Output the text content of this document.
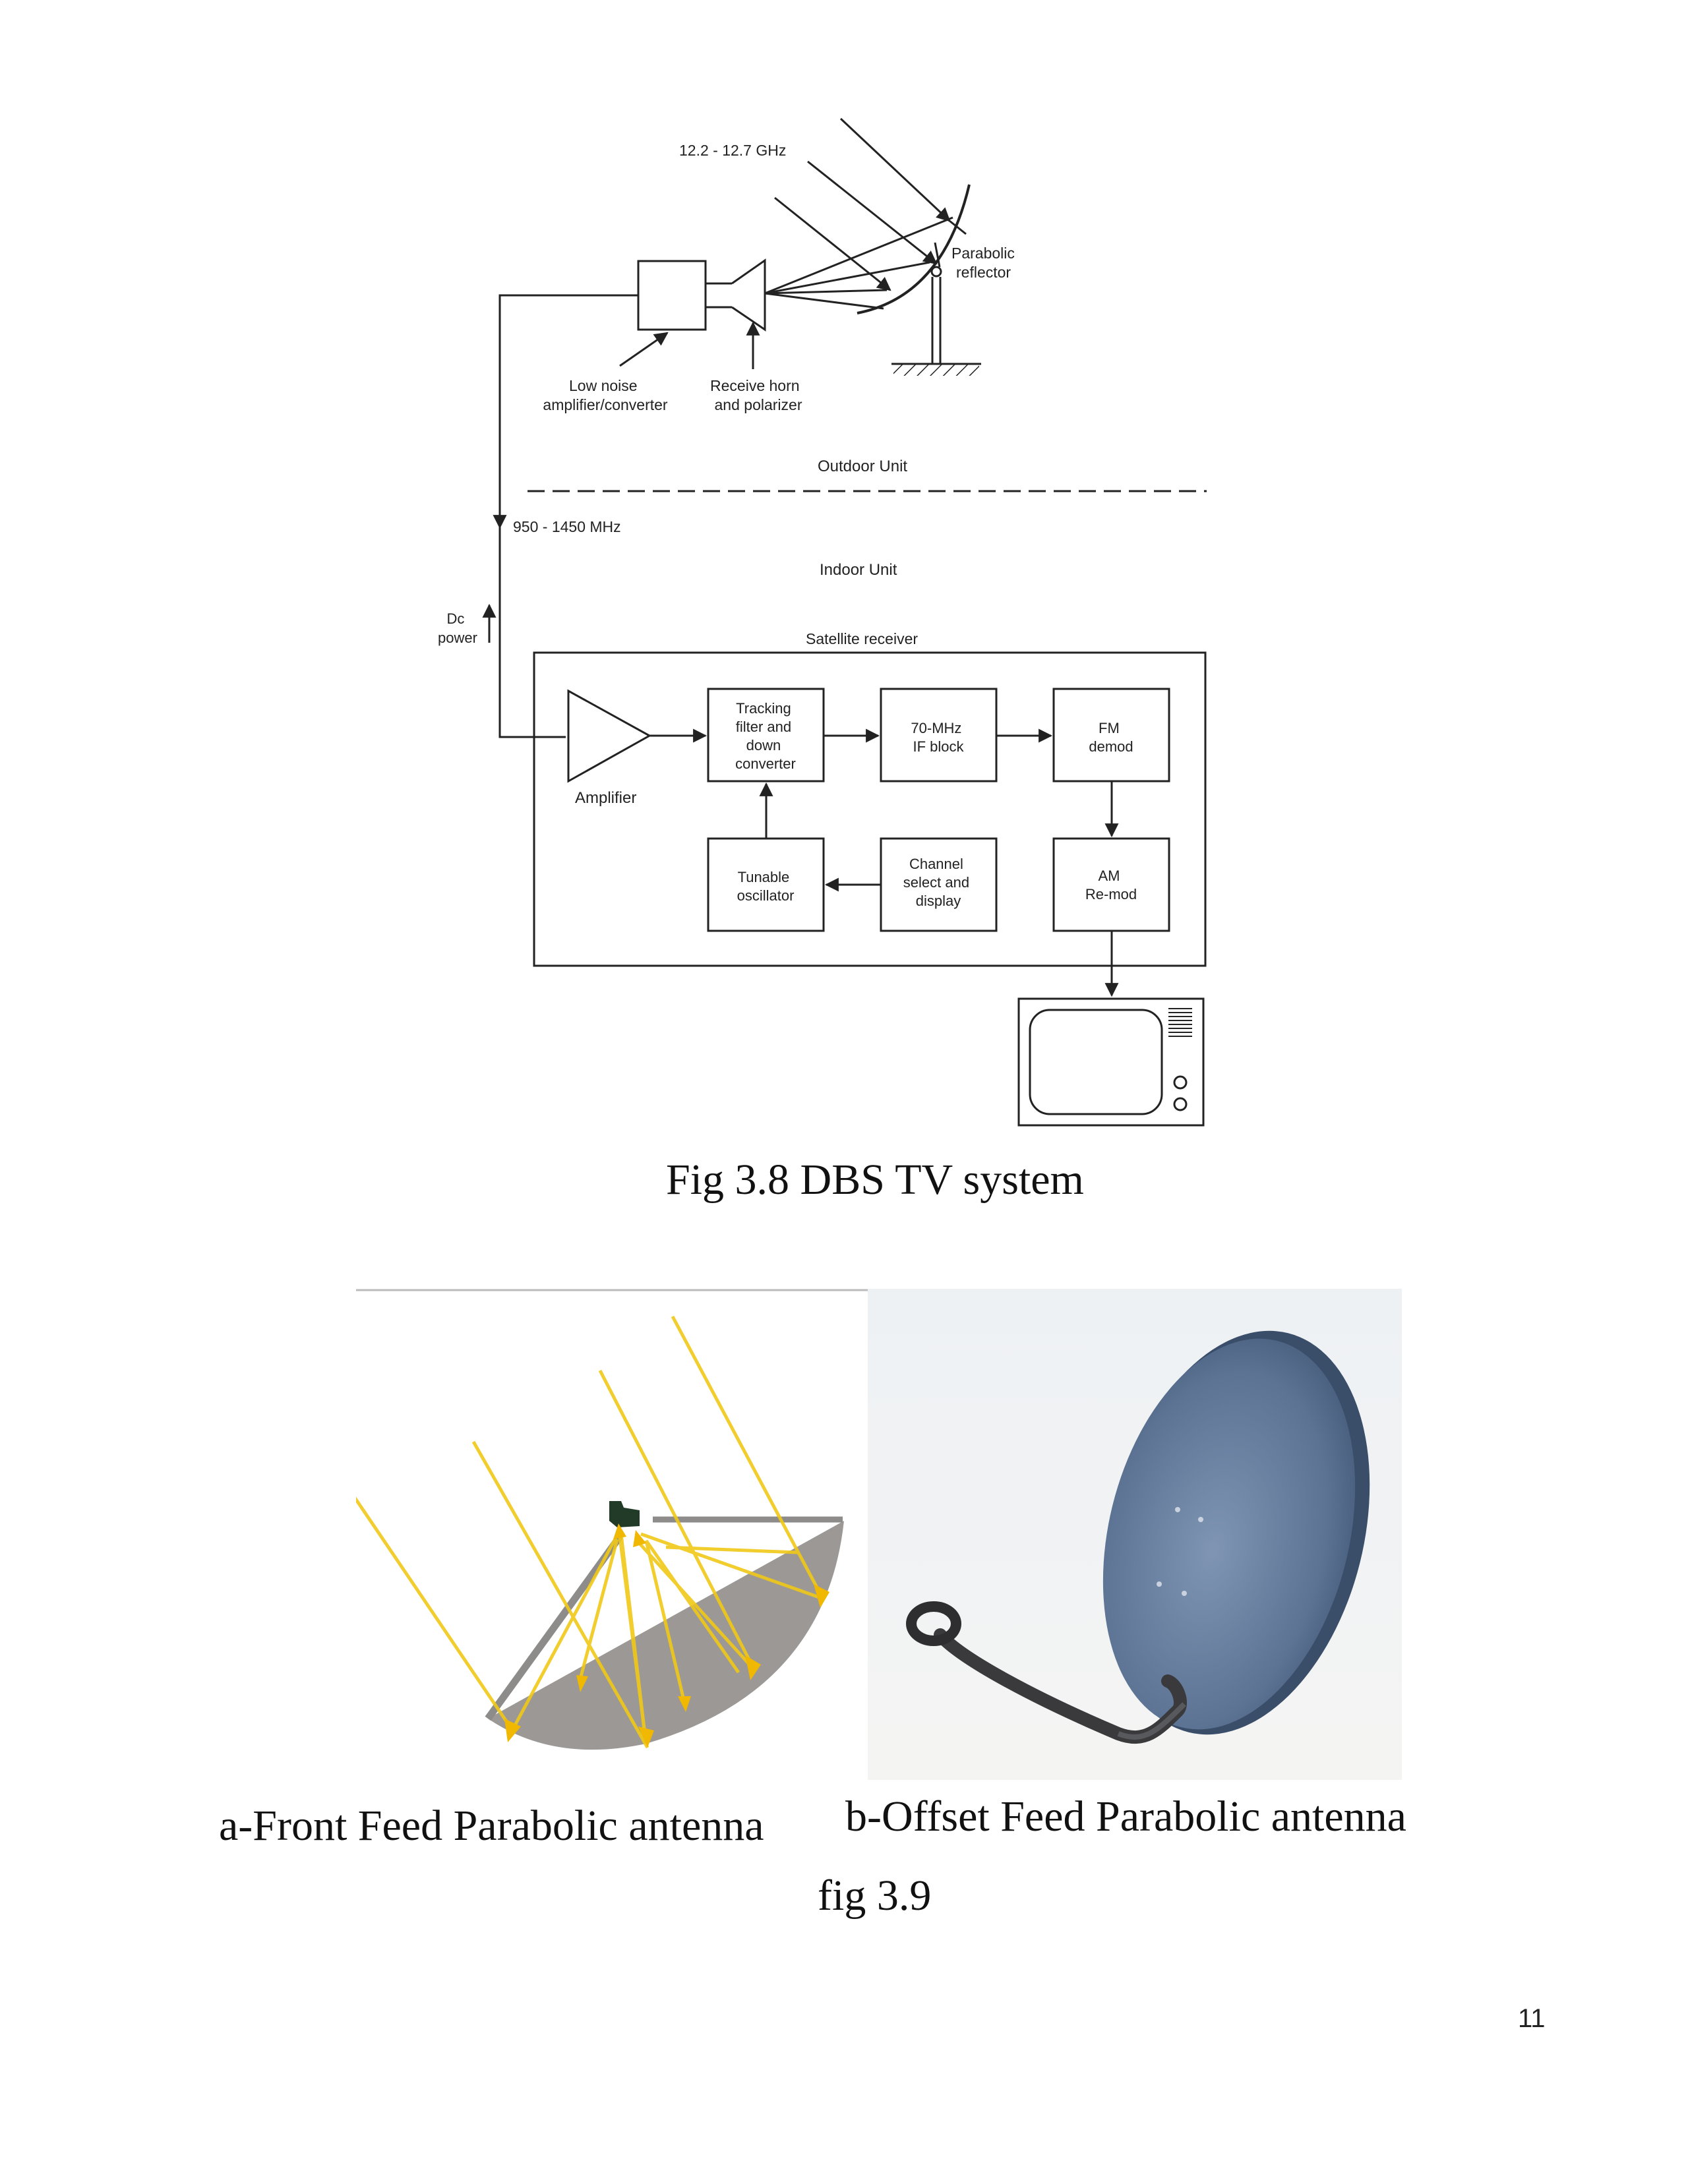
12.2 - 12.7 GHz
Parabolic reflector
Low noise amplifier/converter
Receive horn and polarizer
Outdoor Unit
950 - 1450 MHz
Indoor Unit
Dc power	Satellite receiver
Amplifier
Tracking filter and down converter
70-MHz IF block
FM demod
Tunable oscillator
Channel select and display
AM Re-mod
Fig 3.8 DBS TV system
a-Front Feed Parabolic antenna b-Offset Feed Parabolic antenna
fig 3.9
11
